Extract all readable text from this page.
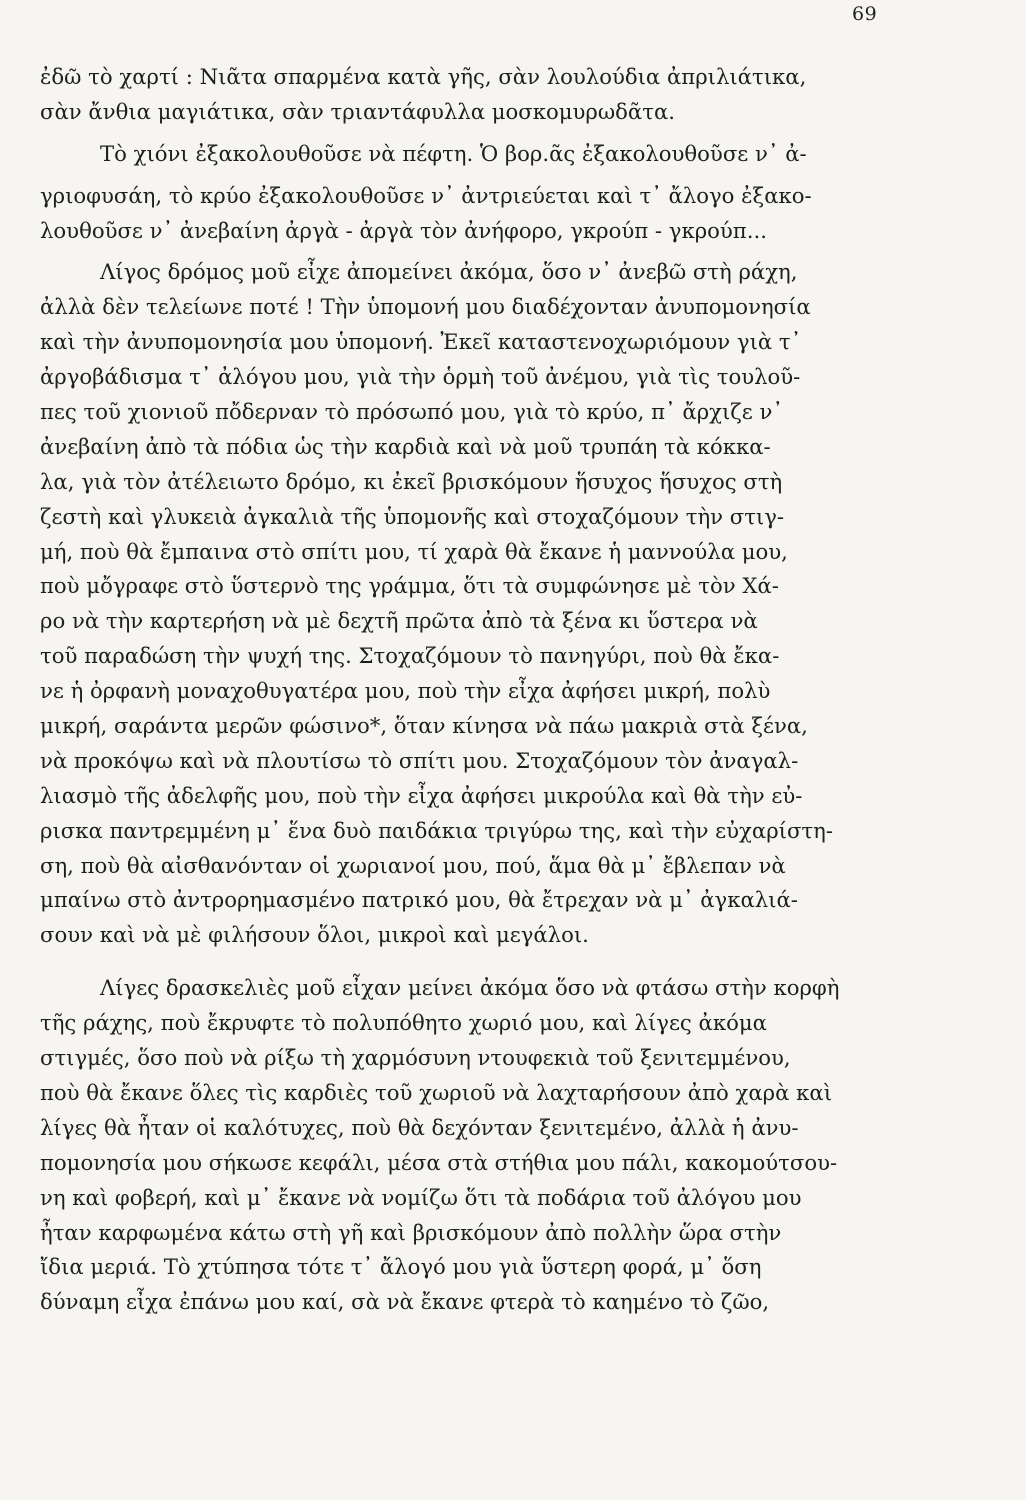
69
ἐδῶ τὸ χαρτί : Νιᾶτα σπαρμένα κατὰ γῆς, σὰν λουλούδια ἀπριλιάτικα,
σὰν ἄνθια μαγιάτικα, σὰν τριαντάφυλλα μοσκομυρωδᾶτα.
Τὸ χιόνι ἐξακολουθοῦσε νὰ πέφτη. Ὁ βορ.ᾶς ἐξακολουθοῦσε ν᾿ ἀ-
γριοφυσάη, τὸ κρύο ἐξακολουθοῦσε ν᾿ ἀντριεύεται καὶ τ᾿ ἄλογο ἐξακο-
λουθοῦσε ν᾿ ἀνεβαίνη ἀργὰ - ἀργὰ τὸν ἀνήφορο, γκρούπ - γκρούπ...
Λίγος δρόμος μοῦ εἶχε ἀπομείνει ἀκόμα, ὅσο ν᾿ ἀνεβῶ στὴ ράχη,
ἀλλὰ δὲν τελείωνε ποτέ ! Τὴν ὑπομονή μου διαδέχονταν ἀνυπομονησία
καὶ τὴν ἀνυπομονησία μου ὑπομονή. Ἐκεῖ καταστενοχωριόμουν γιὰ τ᾿
ἀργοβάδισμα τ᾿ ἀλόγου μου, γιὰ τὴν ὁρμὴ τοῦ ἀνέμου, γιὰ τὶς τουλοῦ-
πες τοῦ χιονιοῦ πὄδερναν τὸ πρόσωπό μου, γιὰ τὸ κρύο, π᾿ ἄρχιζε ν᾿
ἀνεβαίνη ἀπὸ τὰ πόδια ὡς τὴν καρδιὰ καὶ νὰ μοῦ τρυπάη τὰ κόκκα-
λα, γιὰ τὸν ἀτέλειωτο δρόμο, κι ἐκεῖ βρισκόμουν ἥσυχος ἥσυχος στὴ
ζεστὴ καὶ γλυκειὰ ἀγκαλιὰ τῆς ὑπομονῆς καὶ στοχαζόμουν τὴν στιγ-
μή, ποὺ θὰ ἔμπαινα στὸ σπίτι μου, τί χαρὰ θὰ ἔκανε ἡ μαννούλα μου,
ποὺ μὄγραφε στὸ ὕστερνὸ της γράμμα, ὅτι τὰ συμφώνησε μὲ τὸν Χά-
ρο νὰ τὴν καρτερήση νὰ μὲ δεχτῆ πρῶτα ἀπὸ τὰ ξένα κι ὕστερα νὰ
τοῦ παραδώση τὴν ψυχή της. Στοχαζόμουν τὸ πανηγύρι, ποὺ θὰ ἔκα-
νε ἡ ὀρφανὴ μοναχοθυγατέρα μου, ποὺ τὴν εἶχα ἀφήσει μικρή, πολὺ
μικρή, σαράντα μερῶν φώσινο*, ὅταν κίνησα νὰ πάω μακριὰ στὰ ξένα,
νὰ προκόψω καὶ νὰ πλουτίσω τὸ σπίτι μου. Στοχαζόμουν τὸν ἀναγαλ-
λιασμὸ τῆς ἀδελφῆς μου, ποὺ τὴν εἶχα ἀφήσει μικρούλα καὶ θὰ τὴν εὐ-
ρισκα παντρεμμένη μ᾿ ἕνα δυὸ παιδάκια τριγύρω της, καὶ τὴν εὐχαρίστη-
ση, ποὺ θὰ αἰσθανόνταν οἱ χωριανοί μου, πού, ἅμα θὰ μ᾿ ἔβλεπαν νὰ
μπαίνω στὸ ἀντρορημασμένο πατρικό μου, θὰ ἔτρεχαν νὰ μ᾿ ἀγκαλιά-
σουν καὶ νὰ μὲ φιλήσουν ὅλοι, μικροὶ καὶ μεγάλοι.
Λίγες δρασκελιὲς μοῦ εἶχαν μείνει ἀκόμα ὅσο νὰ φτάσω στὴν κορφὴ
τῆς ράχης, ποὺ ἔκρυφτε τὸ πολυπόθητο χωριό μου, καὶ λίγες ἀκόμα
στιγμές, ὅσο ποὺ νὰ ρίξω τὴ χαρμόσυνη ντουφεκιὰ τοῦ ξενιτεμμένου,
ποὺ θὰ ἔκανε ὅλες τὶς καρδιὲς τοῦ χωριοῦ νὰ λαχταρήσουν ἀπὸ χαρὰ καὶ
λίγες θὰ ἦταν οἱ καλότυχες, ποὺ θὰ δεχόνταν ξενιτεμένο, ἀλλὰ ἡ ἀνυ-
πομονησία μου σήκωσε κεφάλι, μέσα στὰ στήθια μου πάλι, κακομούτσου-
νη καὶ φοβερή, καὶ μ᾿ ἔκανε νὰ νομίζω ὅτι τὰ ποδάρια τοῦ ἀλόγου μου
ἦταν καρφωμένα κάτω στὴ γῆ καὶ βρισκόμουν ἀπὸ πολλὴν ὥρα στὴν
ἴδια μεριά. Τὸ χτύπησα τότε τ᾿ ἄλογό μου γιὰ ὕστερη φορά, μ᾿ ὅση
δύναμη εἶχα ἐπάνω μου καί, σὰ νὰ ἔκανε φτερὰ τὸ καημένο τὸ ζῶο,
